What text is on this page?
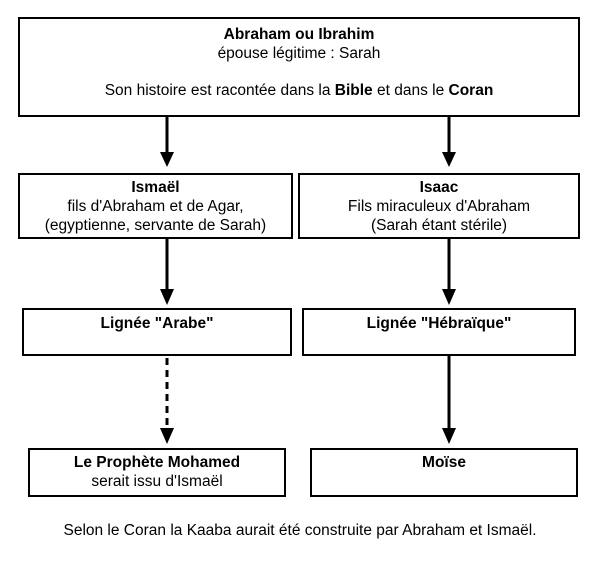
Abraham ou Ibrahim
épouse légitime : Sarah
Son histoire est racontée dans la Bible et dans le Coran
Ismaël
fils d'Abraham et de Agar,
(egyptienne, servante de Sarah)
Isaac
Fils miraculeux d'Abraham
(Sarah étant stérile)
Lignée "Arabe"	Lignée "Hébraïque"
Le Prophète Mohamed
serait issu d'Ismaël
Moïse
Selon le Coran la Kaaba aurait été construite par Abraham et Ismaël.
